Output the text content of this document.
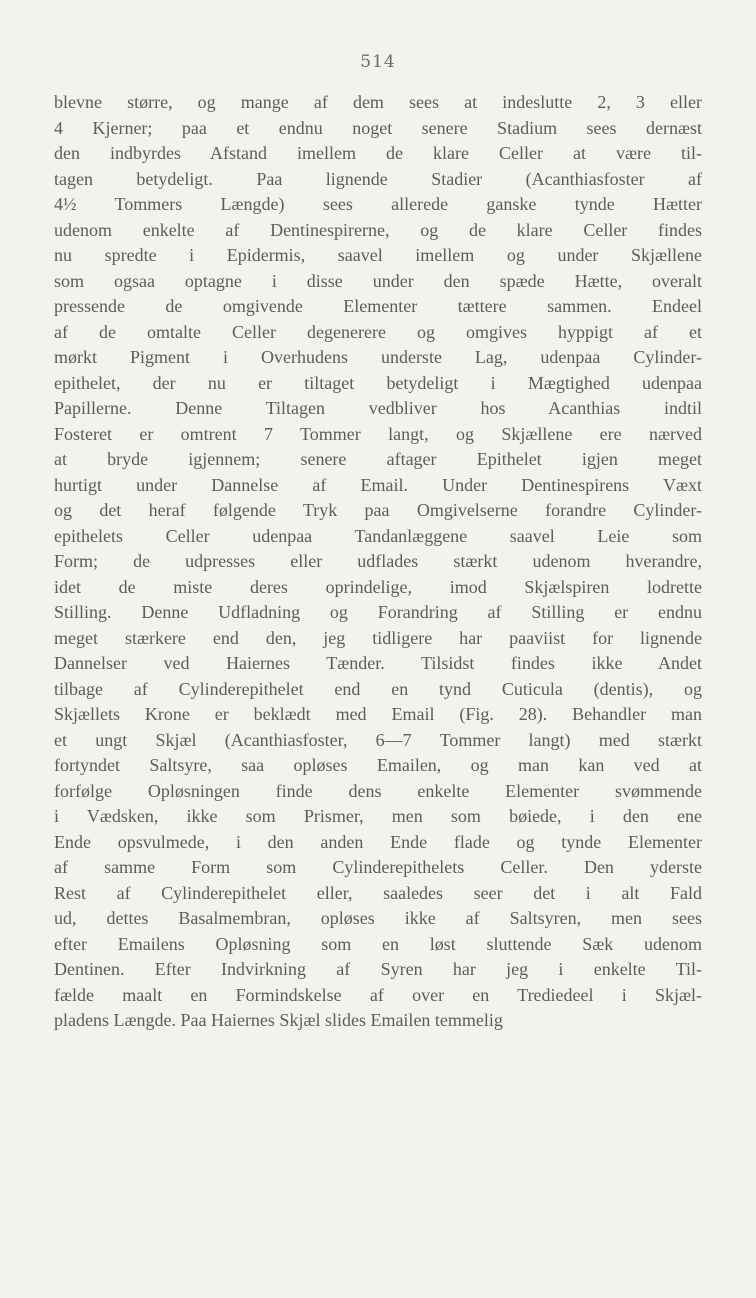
514
blevne større, og mange af dem sees at indeslutte 2, 3 eller
4 Kjerner; paa et endnu noget senere Stadium sees dernæst
den indbyrdes Afstand imellem de klare Celler at være til-
tagen betydeligt. Paa lignende Stadier (Acanthiasfoster af
4½ Tommers Længde) sees allerede ganske tynde Hætter
udenom enkelte af Dentinespirerne, og de klare Celler findes
nu spredte i Epidermis, saavel imellem og under Skjællene
som ogsaa optagne i disse under den spæde Hætte, overalt
pressende de omgivende Elementer tættere sammen. Endeel
af de omtalte Celler degenerere og omgives hyppigt af et
mørkt Pigment i Overhudens underste Lag, udenpaa Cylinder-
epithelet, der nu er tiltaget betydeligt i Mægtighed udenpaa
Papillerne. Denne Tiltagen vedbliver hos Acanthias indtil
Fosteret er omtrent 7 Tommer langt, og Skjællene ere nærved
at bryde igjennem; senere aftager Epithelet igjen meget
hurtigt under Dannelse af Email. Under Dentinespirens Væxt
og det heraf følgende Tryk paa Omgivelserne forandre Cylinder-
epithelets Celler udenpaa Tandanlæggene saavel Leie som
Form; de udpresses eller udflades stærkt udenom hverandre,
idet de miste deres oprindelige, imod Skjælspiren lodrette
Stilling. Denne Udfladning og Forandring af Stilling er endnu
meget stærkere end den, jeg tidligere har paaviist for lignende
Dannelser ved Haiernes Tænder. Tilsidst findes ikke Andet
tilbage af Cylinderepithelet end en tynd Cuticula (dentis), og
Skjællets Krone er beklædt med Email (Fig. 28). Behandler man
et ungt Skjæl (Acanthiasfoster, 6—7 Tommer langt) med stærkt
fortyndet Saltsyre, saa opløses Emailen, og man kan ved at
forfølge Opløsningen finde dens enkelte Elementer svømmende
i Vædsken, ikke som Prismer, men som bøiede, i den ene
Ende opsvulmede, i den anden Ende flade og tynde Elementer
af samme Form som Cylinderepithelets Celler. Den yderste
Rest af Cylinderepithelet eller, saaledes seer det i alt Fald
ud, dettes Basalmembran, opløses ikke af Saltsyren, men sees
efter Emailens Opløsning som en løst sluttende Sæk udenom
Dentinen. Efter Indvirkning af Syren har jeg i enkelte Til-
fælde maalt en Formindskelse af over en Trediedeel i Skjæl-
pladens Længde. Paa Haiernes Skjæl slides Emailen temmelig
